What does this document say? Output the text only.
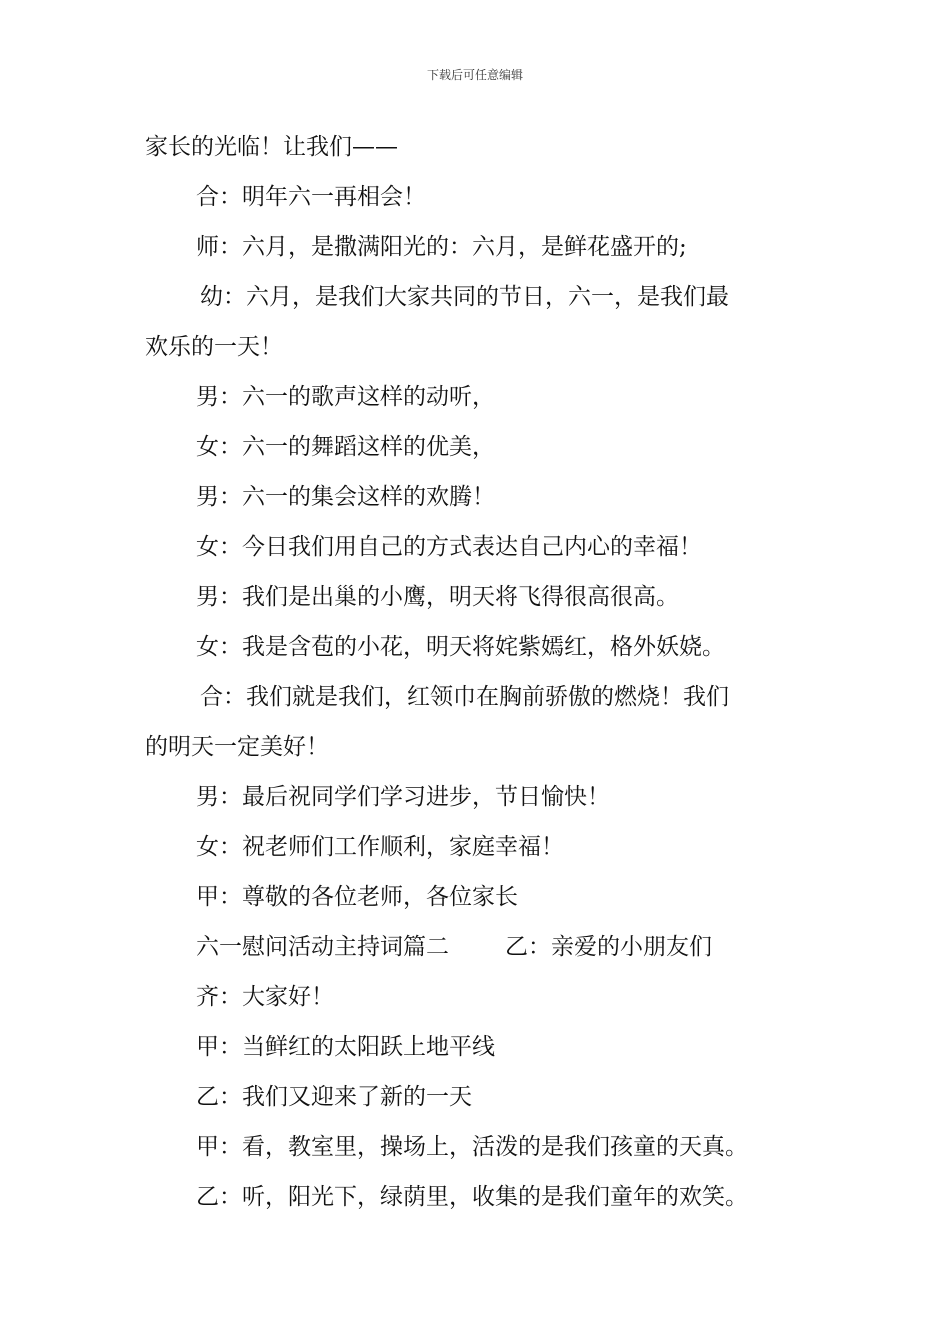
下载后可任意编辑
家长的光临！让我们——
合：明年六一再相会！
师：六月，是撒满阳光的：六月，是鲜花盛开的;
幼：六月，是我们大家共同的节日，六一，是我们最
欢乐的一天！
男：六一的歌声这样的动听，
女：六一的舞蹈这样的优美，
男：六一的集会这样的欢腾！
女：今日我们用自己的方式表达自己内心的幸福！
男：我们是出巢的小鹰，明天将飞得很高很高。
女：我是含苞的小花，明天将姹紫嫣红，格外妖娆。
合：我们就是我们，红领巾在胸前骄傲的燃烧！我们
的明天一定美好！
男：最后祝同学们学习进步，节日愉快！
女：祝老师们工作顺利，家庭幸福！
甲：尊敬的各位老师，各位家长
六一慰问活动主持词篇二 乙：亲爱的小朋友们
齐：大家好！
甲：当鲜红的太阳跃上地平线
乙：我们又迎来了新的一天
甲：看，教室里，操场上，活泼的是我们孩童的天真。
乙：听，阳光下，绿荫里，收集的是我们童年的欢笑。
